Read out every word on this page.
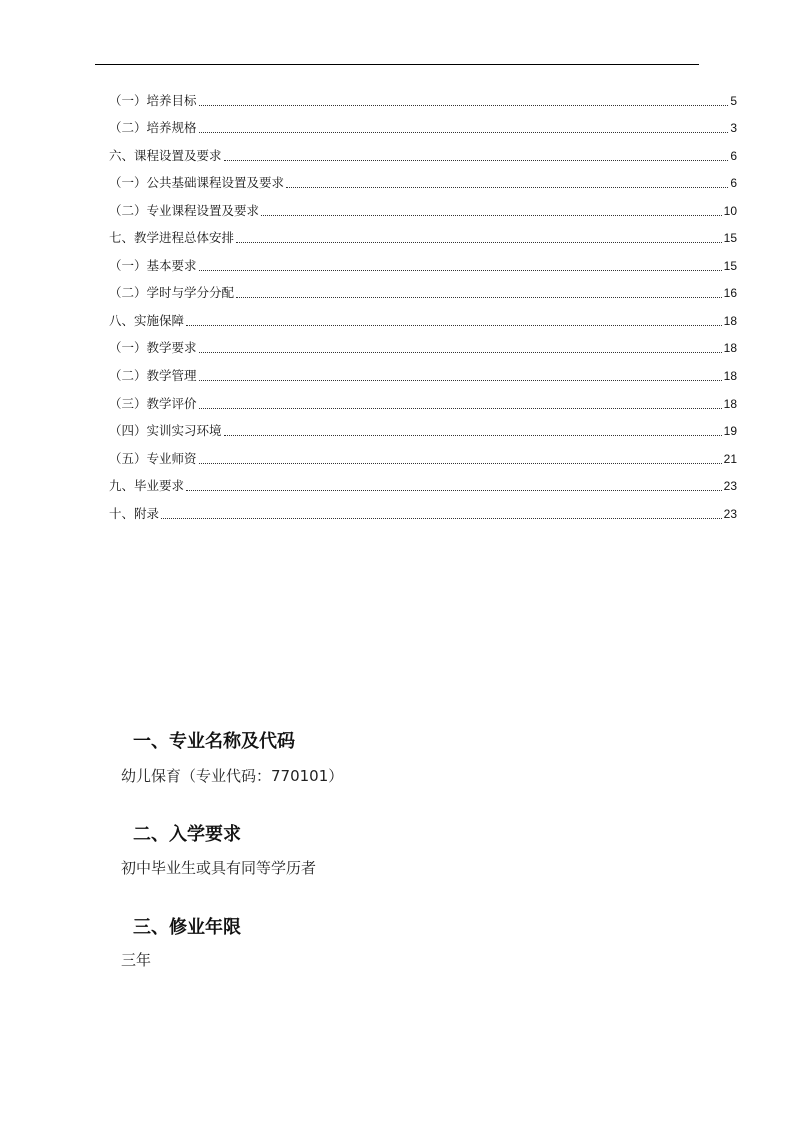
（一）培养目标	5
（二）培养规格	3
六、课程设置及要求	6
（一）公共基础课程设置及要求	6
（二）专业课程设置及要求	10
七、教学进程总体安排	15
（一）基本要求	15
（二）学时与学分分配	16
八、实施保障	18
（一）教学要求	18
（二）教学管理	18
（三）教学评价	18
（四）实训实习环境	19
（五）专业师资	21
九、毕业要求	23
十、附录	23
一、专业名称及代码

幼儿保育（专业代码：770101）

二、入学要求

初中毕业生或具有同等学历者

三、修业年限

三年
